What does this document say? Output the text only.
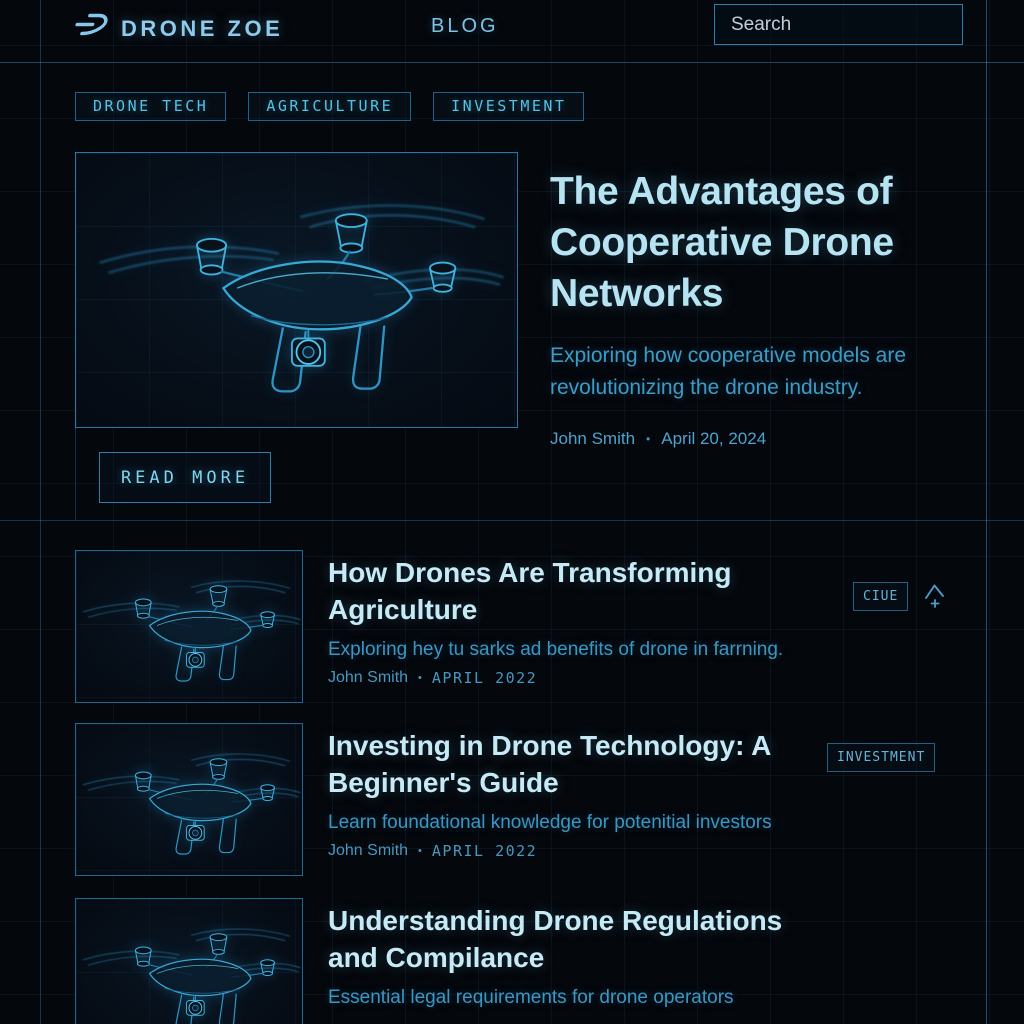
DRONE ZOE	BLOG
Search
DRONE TECH	AGRICULTURE	INVESTMENT
The Advantages of Cooperative Drone Networks

Expioring how cooperative models are revolutionizing the drone industry.

John Smith • April 20, 2024
READ MORE
How Drones Are Transforming Agriculture

Exploring hey tu sarks ad benefits of drone in farrning.

John Smith • APRIL 2022
CIUE
Investing in Drone Technology: A Beginner's Guide

Learn foundational knowledge for potenitial investors

John Smith • APRIL 2022
INVESTMENT
Understanding Drone Regulations and Compilance

Essential legal requirements for drone operators
